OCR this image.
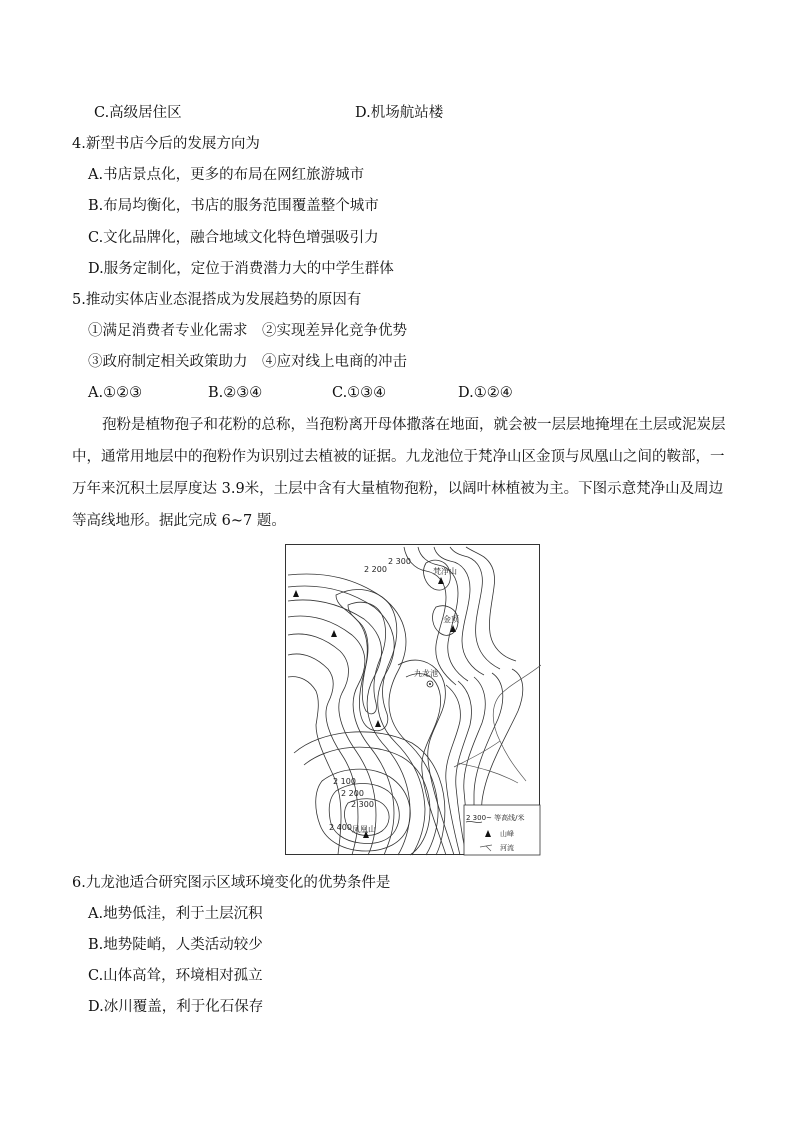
C.高级居住区	D.机场航站楼
4.新型书店今后的发展方向为
A.书店景点化，更多的布局在网红旅游城市
B.布局均衡化，书店的服务范围覆盖整个城市
C.文化品牌化，融合地域文化特色增强吸引力
D.服务定制化，定位于消费潜力大的中学生群体
5.推动实体店业态混搭成为发展趋势的原因有
①满足消费者专业化需求　②实现差异化竞争优势
③政府制定相关政策助力　④应对线上电商的冲击
A.①②③	B.②③④	C.①③④	D.①②④
孢粉是植物孢子和花粉的总称，当孢粉离开母体撒落在地面，就会被一层层地掩埋在土层或泥炭层中，通常用地层中的孢粉作为识别过去植被的证据。九龙池位于梵净山区金顶与凤凰山之间的鞍部，一万年来沉积土层厚度达 3.9米，土层中含有大量植物孢粉，以阔叶林植被为主。下图示意梵净山及周边等高线地形。据此完成 6~7 题。
2 300
2 200	梵净山
金顶
九龙池
2 100
2 200
2 300
2 400 凤凰山
2 300~ 等高线/米
山峰
河流
6.九龙池适合研究图示区域环境变化的优势条件是
A.地势低洼，利于土层沉积
B.地势陡峭，人类活动较少
C.山体高耸，环境相对孤立
D.冰川覆盖，利于化石保存
